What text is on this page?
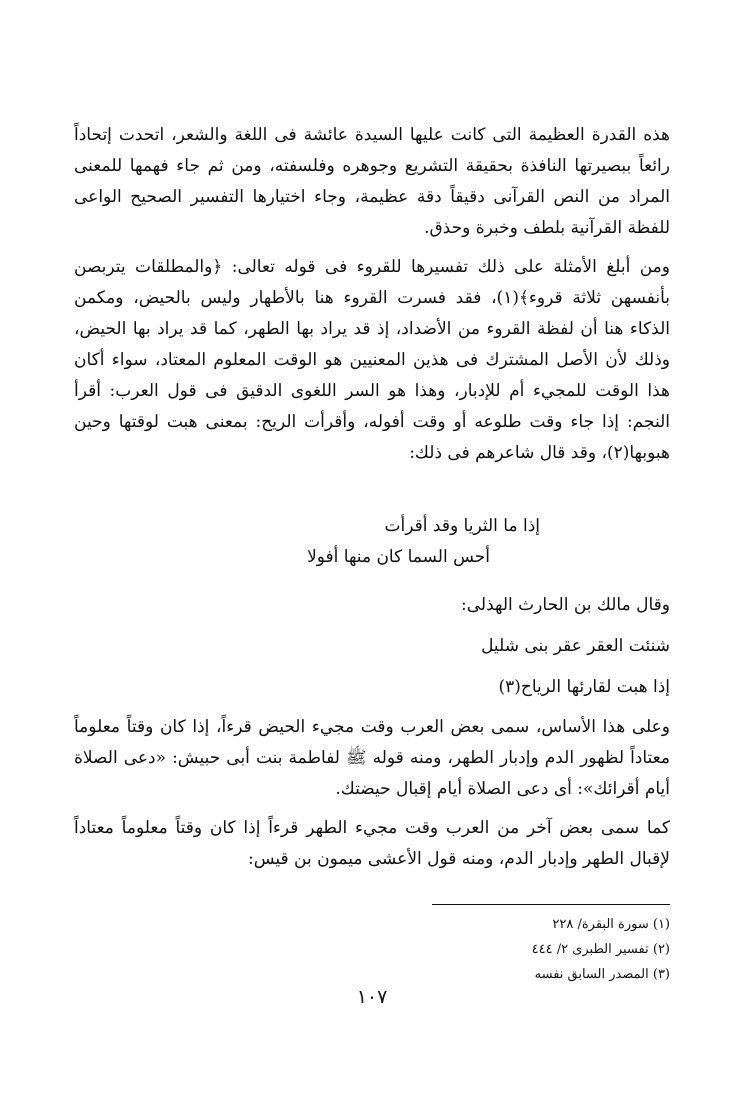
هذه القدرة العظيمة التى كانت عليها السيدة عائشة فى اللغة والشعر، اتحدت إتحاداً رائعاً ببصيرتها النافذة بحقيقة التشريع وجوهره وفلسفته، ومن ثم جاء فهمها للمعنى المراد من النص القرآنى دقيقاً دقة عظيمة، وجاء اختيارها التفسير الصحيح الواعى للفظة القرآنية بلطف وخبرة وحذق.

ومن أبلغ الأمثلة على ذلك تفسيرها للقروء فى قوله تعالى: ﴿والمطلقات يتربصن بأنفسهن ثلاثة قروء﴾(١)، فقد فسرت القروء هنا بالأطهار وليس بالحيض، ومكمن الذكاء هنا أن لفظة القروء من الأضداد، إذ قد يراد بها الطهر، كما قد يراد بها الحيض، وذلك لأن الأصل المشترك فى هذين المعنيين هو الوقت المعلوم المعتاد، سواء أكان هذا الوقت للمجيء أم للإدبار، وهذا هو السر اللغوى الدقيق فى قول العرب: أقرأ النجم: إذا جاء وقت طلوعه أو وقت أفوله، وأقرأت الريح: بمعنى هبت لوقتها وحين هبوبها(٢)، وقد قال شاعرهم فى ذلك:

إذا ما الثريا وقد أقرأت
أحس السما كان منها أفولا
وقال مالك بن الحارث الهذلى:
شنئت العقر عقر بنى شليل
إذا هبت لقارئها الرياح(٣)

وعلى هذا الأساس، سمى بعض العرب وقت مجيء الحيض قرءاً، إذا كان وقتاً معلوماً معتاداً لظهور الدم وإدبار الطهر، ومنه قوله ﷺ لفاطمة بنت أبى حبيش: «دعى الصلاة أيام أقرائك»: أى دعى الصلاة أيام إقبال حيضتك.

كما سمى بعض آخر من العرب وقت مجيء الطهر قرءاً إذا كان وقتاً معلوماً معتاداً لإقبال الطهر وإدبار الدم، ومنه قول الأعشى ميمون بن قيس:

(١) سورة البقرة/ ٢٢٨
(٢) تفسير الطبرى ٢/ ٤٤٤
(٣) المصدر السابق نفسه
١٠٧
